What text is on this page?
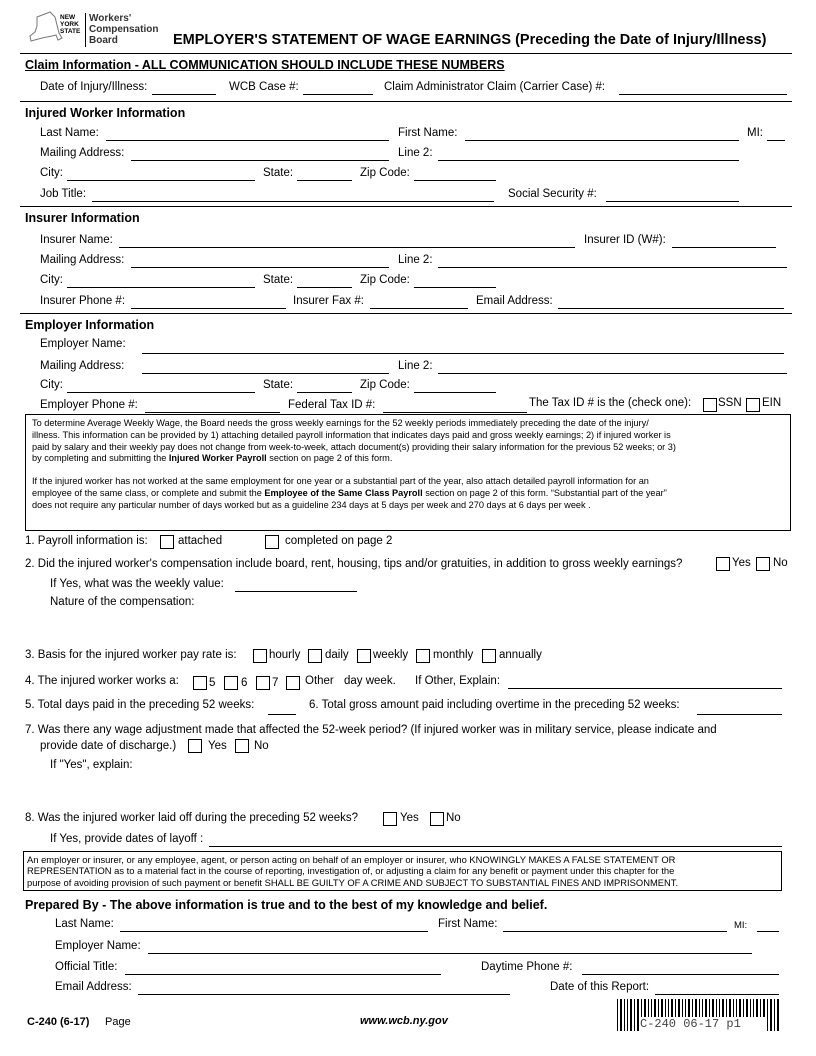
NEW
YORK
STATE
Workers'
Compensation
Board	EMPLOYER'S STATEMENT OF WAGE EARNINGS (Preceding the Date of Injury/Illness)
Claim Information - ALL COMMUNICATION SHOULD INCLUDE THESE NUMBERS
Date of Injury/Illness:	WCB Case #:	Claim Administrator Claim (Carrier Case) #:
Injured Worker Information
Last Name:	First Name:	MI:
Mailing Address:	Line 2:
City:	State:	Zip Code:
Job Title:	Social Security #:
Insurer Information
Insurer Name:	Insurer ID (W#):
Mailing Address:	Line 2:
City:	State:	Zip Code:
Insurer Phone #:	Insurer Fax #:	Email Address:
Employer Information
Employer Name:
Mailing Address:	Line 2:
City:	State:	Zip Code:
Employer Phone #:	Federal Tax ID #:	The Tax ID # is the (check one): SSN EIN

To determine Average Weekly Wage, the Board needs the gross weekly earnings for the 52 weekly periods immediately preceding the date of the injury/

illness. This information can be provided by 1) attaching detailed payroll information that indicates days paid and gross weekly earnings; 2) if injured worker is

paid by salary and their weekly pay does not change from week-to-week, attach document(s) providing their salary information for the previous 52 weeks; or 3)

by completing and submitting the Injured Worker Payroll section on page 2 of this form.

If the injured worker has not worked at the same employment for one year or a substantial part of the year, also attach detailed payroll information for an

employee of the same class, or complete and submit the Employee of the Same Class Payroll section on page 2 of this form. “Substantial part of the year”

does not require any particular number of days worked but as a guideline 234 days at 5 days per week and 270 days at 6 days per week .

1. Payroll information is:	attached	completed on page 2
2. Did the injured worker's compensation include board, rent, housing, tips and/or gratuities, in addition to gross weekly earnings?	Yes No
If Yes, what was the weekly value:
Nature of the compensation:
3. Basis for the injured worker pay rate is:	hourly daily weekly monthly annually
4. The injured worker works a:	5 6 7 Other day week. If Other, Explain:
5. Total days paid in the preceding 52 weeks:	6. Total gross amount paid including overtime in the preceding 52 weeks:
7. Was there any wage adjustment made that affected the 52-week period? (If injured worker was in military service, please indicate and
provide date of discharge.)	Yes No
If "Yes", explain:
8. Was the injured worker laid off during the preceding 52 weeks?	Yes No
If Yes, provide dates of layoff :

An employer or insurer, or any employee, agent, or person acting on behalf of an employer or insurer, who KNOWINGLY MAKES A FALSE STATEMENT OR

REPRESENTATION as to a material fact in the course of reporting, investigation of, or adjusting a claim for any benefit or payment under this chapter for the

purpose of avoiding provision of such payment or benefit SHALL BE GUILTY OF A CRIME AND SUBJECT TO SUBSTANTIAL FINES AND IMPRISONMENT.

Prepared By - The above information is true and to the best of my knowledge and belief.
Last Name:	First Name:	MI:
Employer Name:
Official Title:	Daytime Phone #:
Email Address:	Date of this Report:
C-240 (6-17) Page	www.wcb.ny.gov	C-240 06-17 p1
